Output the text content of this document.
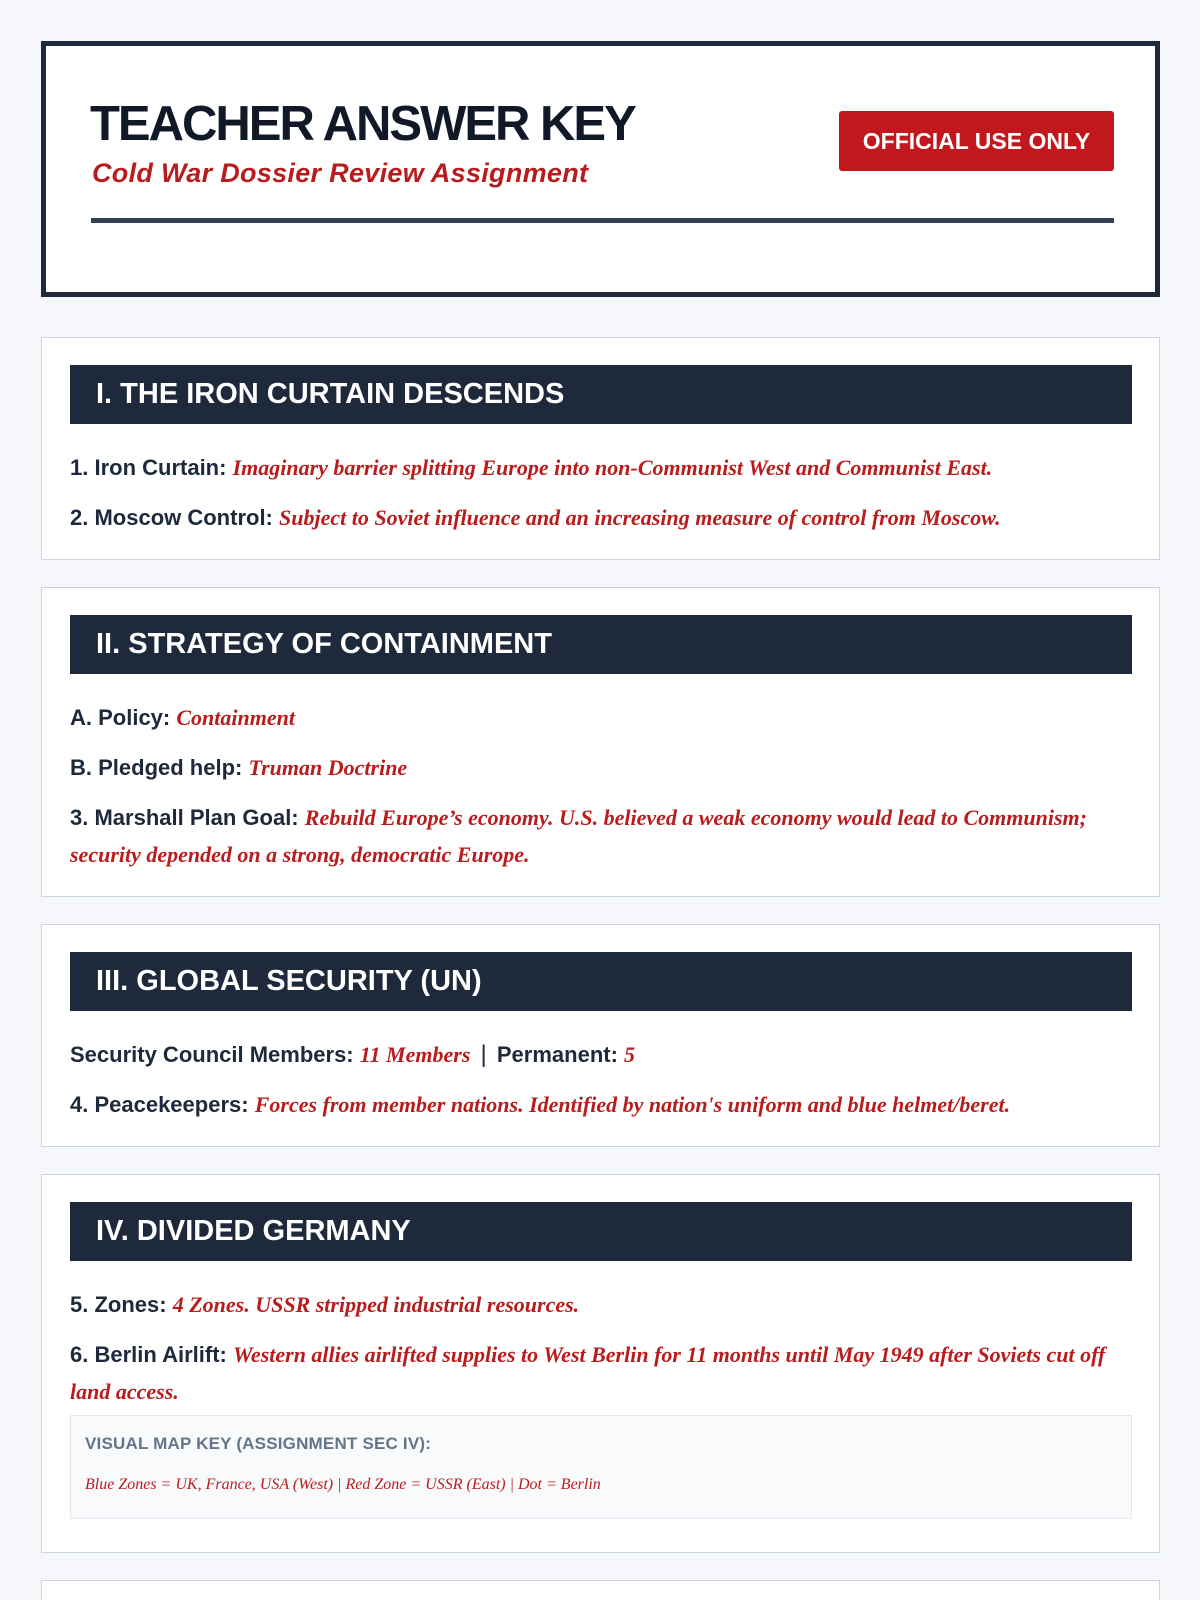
TEACHER ANSWER KEY
Cold War Dossier Review Assignment
OFFICIAL USE ONLY
I. THE IRON CURTAIN DESCENDS
1. Iron Curtain: Imaginary barrier splitting Europe into non-Communist West and Communist East.
2. Moscow Control: Subject to Soviet influence and an increasing measure of control from Moscow.
II. STRATEGY OF CONTAINMENT
A. Policy: Containment
B. Pledged help: Truman Doctrine
3. Marshall Plan Goal: Rebuild Europe’s economy. U.S. believed a weak economy would lead to Communism; security depended on a strong, democratic Europe.
III. GLOBAL SECURITY (UN)
Security Council Members: 11 Members | Permanent: 5
4. Peacekeepers: Forces from member nations. Identified by nation's uniform and blue helmet/beret.
IV. DIVIDED GERMANY
5. Zones: 4 Zones. USSR stripped industrial resources.
6. Berlin Airlift: Western allies airlifted supplies to West Berlin for 11 months until May 1949 after Soviets cut off land access.
VISUAL MAP KEY (ASSIGNMENT SEC IV):
Blue Zones = UK, France, USA (West) | Red Zone = USSR (East) | Dot = Berlin
